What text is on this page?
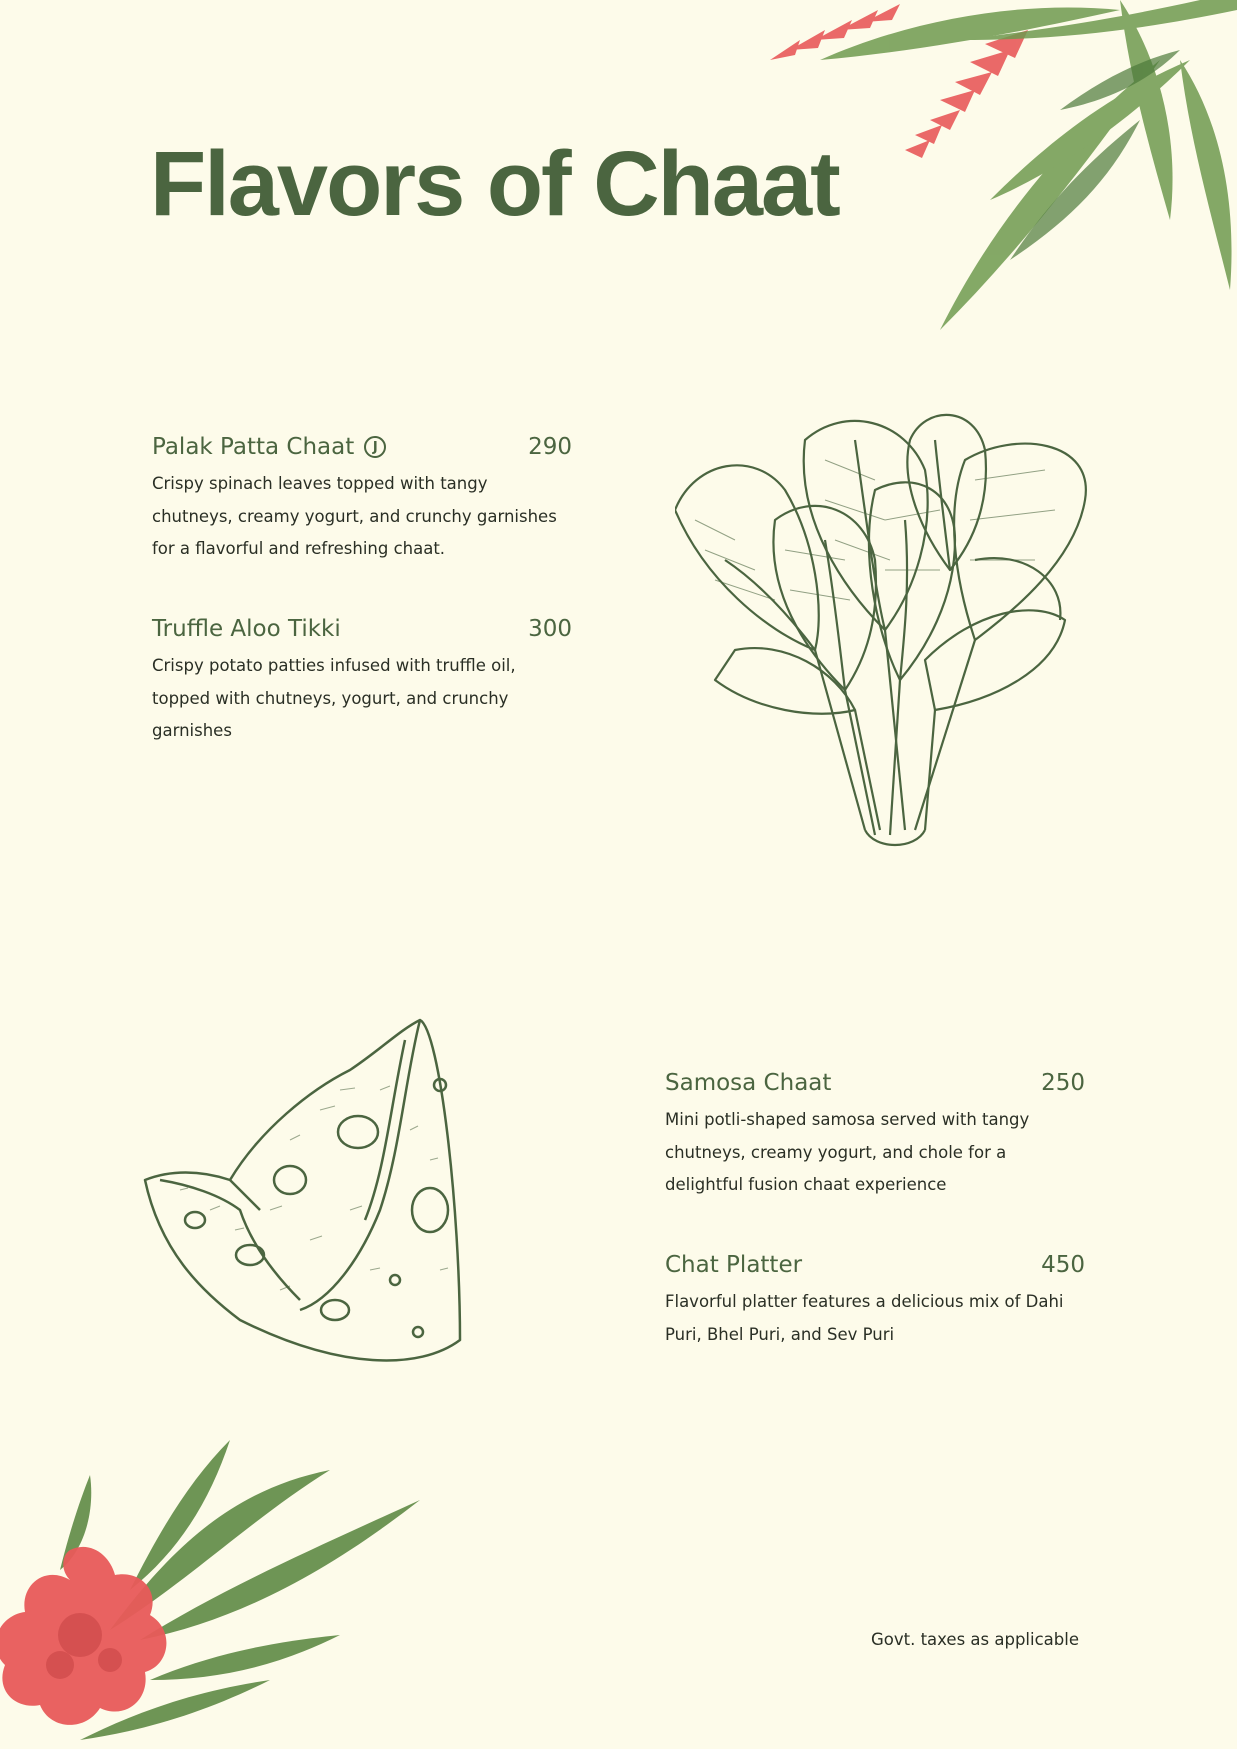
Flavors of Chaat
Palak Patta Chaat	J	290
Crispy spinach leaves topped with tangy chutneys, creamy yogurt, and crunchy garnishes for a flavorful and refreshing chaat.
Truffle Aloo Tikki	300
Crispy potato patties infused with truffle oil, topped with chutneys, yogurt, and crunchy garnishes
Samosa Chaat	250
Mini potli-shaped samosa served with tangy chutneys, creamy yogurt, and chole for a delightful fusion chaat experience
Chat Platter	450
Flavorful platter features a delicious mix of Dahi Puri, Bhel Puri, and Sev Puri
Govt. taxes as applicable
